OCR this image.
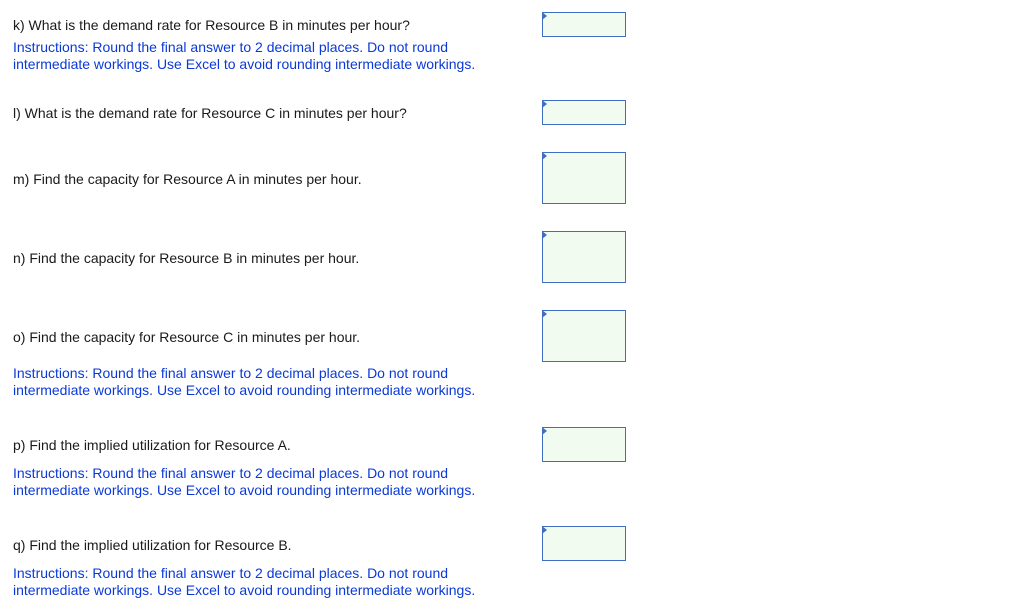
k) What is the demand rate for Resource B in minutes per hour?
Instructions: Round the final answer to 2 decimal places. Do not round
intermediate workings. Use Excel to avoid rounding intermediate workings.
l) What is the demand rate for Resource C in minutes per hour?
m) Find the capacity for Resource A in minutes per hour.
n) Find the capacity for Resource B in minutes per hour.
o) Find the capacity for Resource C in minutes per hour.
Instructions: Round the final answer to 2 decimal places. Do not round
intermediate workings. Use Excel to avoid rounding intermediate workings.
p) Find the implied utilization for Resource A.
Instructions: Round the final answer to 2 decimal places. Do not round
intermediate workings. Use Excel to avoid rounding intermediate workings.
q) Find the implied utilization for Resource B.
Instructions: Round the final answer to 2 decimal places. Do not round
intermediate workings. Use Excel to avoid rounding intermediate workings.
